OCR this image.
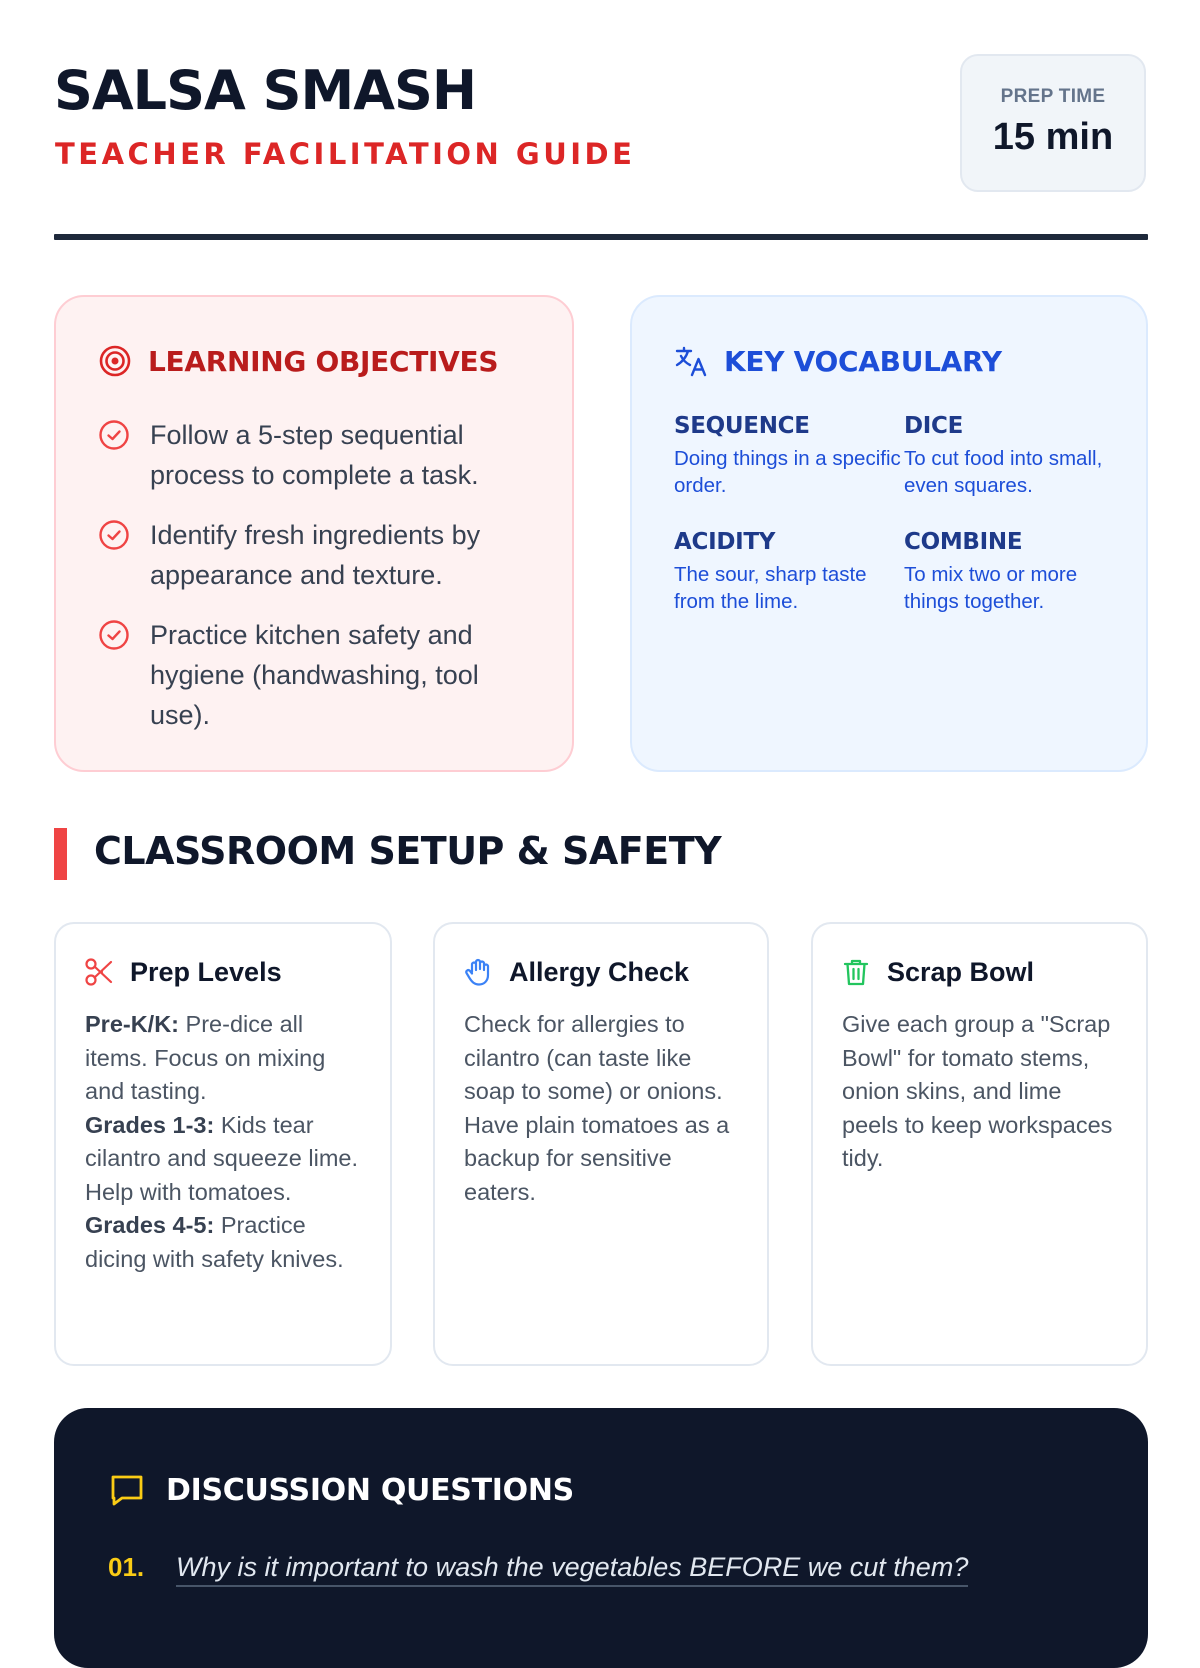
SALSA SMASH
TEACHER FACILITATION GUIDE
PREP TIME
15 min
LEARNING OBJECTIVES
Follow a 5-step sequential process to complete a task.
Identify fresh ingredients by appearance and texture.
Practice kitchen safety and hygiene (handwashing, tool use).
KEY VOCABULARY
SEQUENCE
Doing things in a specific order.
DICE
To cut food into small, even squares.
ACIDITY
The sour, sharp taste from the lime.
COMBINE
To mix two or more things together.
CLASSROOM SETUP & SAFETY
Prep Levels
Pre-K/K: Pre-dice all items. Focus on mixing and tasting.
Grades 1-3: Kids tear cilantro and squeeze lime. Help with tomatoes.
Grades 4-5: Practice dicing with safety knives.
Allergy Check
Check for allergies to cilantro (can taste like soap to some) or onions. Have plain tomatoes as a backup for sensitive eaters.
Scrap Bowl
Give each group a "Scrap Bowl" for tomato stems, onion skins, and lime peels to keep workspaces tidy.
DISCUSSION QUESTIONS
01.	Why is it important to wash the vegetables BEFORE we cut them?
